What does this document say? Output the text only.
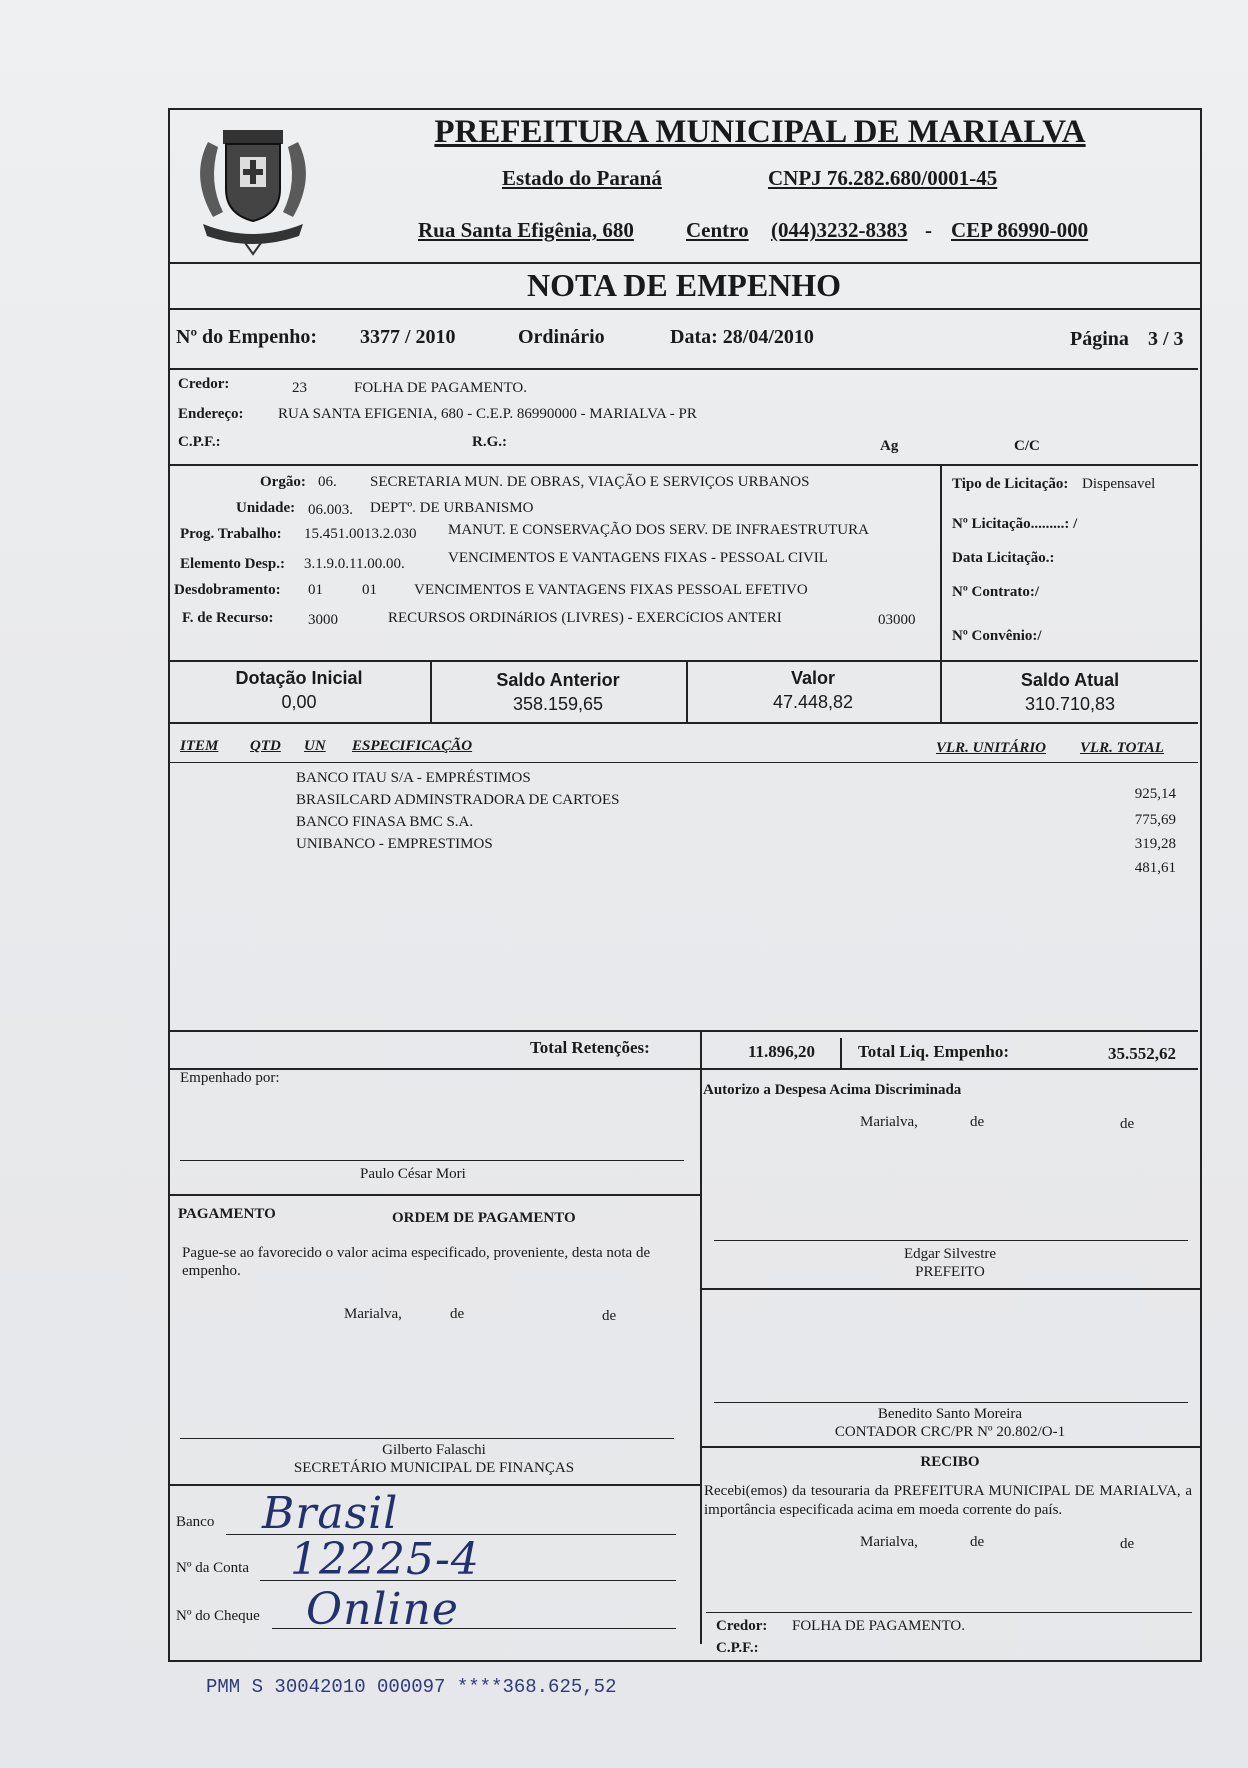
PREFEITURA MUNICIPAL DE MARIALVA
Estado do Paraná	CNPJ 76.282.680/0001-45
Rua Santa Efigênia, 680 Centro (044)3232-8383 - CEP 86990-000
NOTA DE EMPENHO
Nº do Empenho: 3377 / 2010	Ordinário	Data: 28/04/2010	Página 3 / 3
Credor:	23	FOLHA DE PAGAMENTO.
Endereço: RUA SANTA EFIGENIA, 680 - C.E.P. 86990000 - MARIALVA - PR
C.P.F.:	R.G.:	Ag	C/C
Orgão: 06. SECRETARIA MUN. DE OBRAS, VIAÇÃO E SERVIÇOS URBANOS
Unidade: 06.003. DEPTº. DE URBANISMO
Prog. Trabalho: 15.451.0013.2.030 MANUT. E CONSERVAÇÃO DOS SERV. DE INFRAESTRUTURA
Elemento Desp.: 3.1.9.0.11.00.00.	VENCIMENTOS E VANTAGENS FIXAS - PESSOAL CIVIL
Desdobramento: 01	01 VENCIMENTOS E VANTAGENS FIXAS PESSOAL EFETIVO
F. de Recurso: 3000	RECURSOS ORDINáRIOS (LIVRES) - EXERCíCIOS ANTERI	03000
Tipo de Licitação: Dispensavel
Nº Licitação.........: /
Data Licitação.:
Nº Contrato:/
Nº Convênio:/
Dotação Inicial
0,00
Saldo Anterior
358.159,65
Valor
47.448,82
Saldo Atual
310.710,83
ITEM QTD UN ESPECIFICAÇÃO	VLR. UNITÁRIO VLR. TOTAL
BANCO ITAU S/A - EMPRÉSTIMOS
925,14
BRASILCARD ADMINSTRADORA DE CARTOES
775,69
BANCO FINASA BMC S.A.
319,28
UNIBANCO - EMPRESTIMOS
481,61
Total Retenções:	11.896,20	Total Liq. Empenho:	35.552,62
Empenhado por:
Paulo César Mori
Autorizo a Despesa Acima Discriminada
Marialva,	de	de
PAGAMENTO	ORDEM DE PAGAMENTO
Pague-se ao favorecido o valor acima especificado, proveniente, desta nota de empenho.
Marialva,	de	de
Edgar Silvestre
PREFEITO
Benedito Santo Moreira
CONTADOR CRC/PR Nº 20.802/O-1
Gilberto Falaschi
SECRETÁRIO MUNICIPAL DE FINANÇAS	RECIBO
Recebi(emos) da tesouraria da PREFEITURA MUNICIPAL DE MARIALVA, a importância especificada acima em moeda corrente do país.
Marialva,	de	de
Banco Brasil
Nº da Conta 12225-4
Nº do Cheque Online	Credor: FOLHA DE PAGAMENTO.
C.P.F.:
PMM S 30042010 000097 ****368.625,52
